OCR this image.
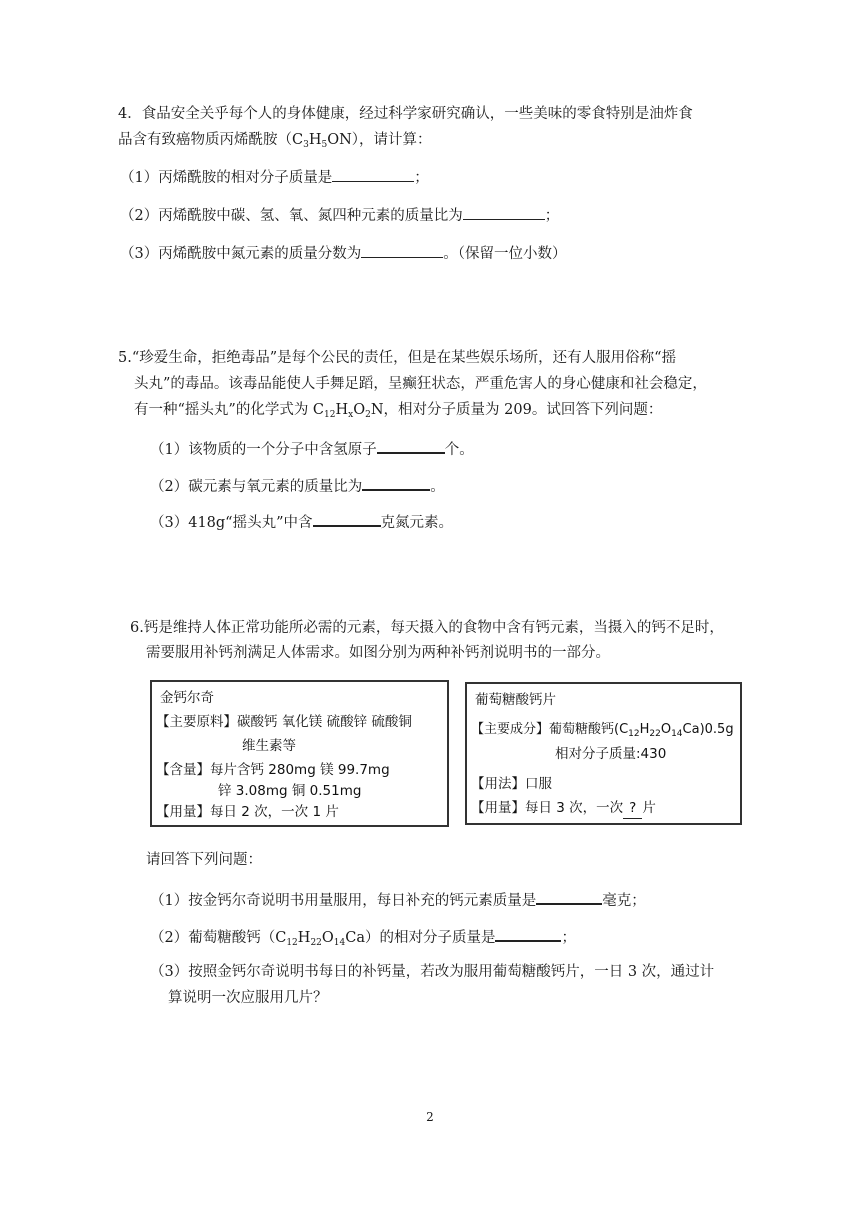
4．食品安全关乎每个人的身体健康，经过科学家研究确认，一些美味的零食特别是油炸食
品含有致癌物质丙烯酰胺$(C_3H_5ON)$，请计算：
（1）丙烯酰胺的相对分子质量是	；
（2）丙烯酰胺中碳、氢、氧、氮四种元素的质量比为	；
（3）丙烯酰胺中氮元素的质量分数为	。（保留一位小数）
5.“珍爱生命，拒绝毒品”是每个公民的责任，但是在某些娱乐场所，还有人服用俗称“摇
头丸”的毒品。该毒品能使人手舞足蹈，呈癫狂状态，严重危害人的身心健康和社会稳定，
有一种“摇头丸”的化学式为 $C_{12}H_xO_2N$，相对分子质量为 209。试回答下列问题：
（1）该物质的一个分子中含氢原子	个。
（2）碳元素与氧元素的质量比为	。
（3）418g“摇头丸”中含	克氮元素。
6.钙是维持人体正常功能所必需的元素，每天摄入的食物中含有钙元素，当摄入的钙不足时，
需要服用补钙剂满足人体需求。如图分别为两种补钙剂说明书的一部分。
金钙尔奇
【主要原料】碳酸钙 氧化镁 硫酸锌 硫酸铜
维生素等
【含量】每片含钙 280mg 镁 99.7mg
锌 3.08mg 铜 0.51mg
【用量】每日 2 次，一次 1 片
葡萄糖酸钙片
【主要成分】葡萄糖酸钙$(C_{12}H_{22}O_{14}Ca)0.5g$
相对分子质量:430
【用法】口服
【用量】每日 3 次，一次 ? 片
请回答下列问题：
（1）按金钙尔奇说明书用量服用，每日补充的钙元素质量是	毫克；
（2）葡萄糖酸钙$(C_{12}H_{22}O_{14}Ca)$的相对分子质量是	；
（3）按照金钙尔奇说明书每日的补钙量，若改为服用葡萄糖酸钙片，一日 3 次，通过计
算说明一次应服用几片？
2
